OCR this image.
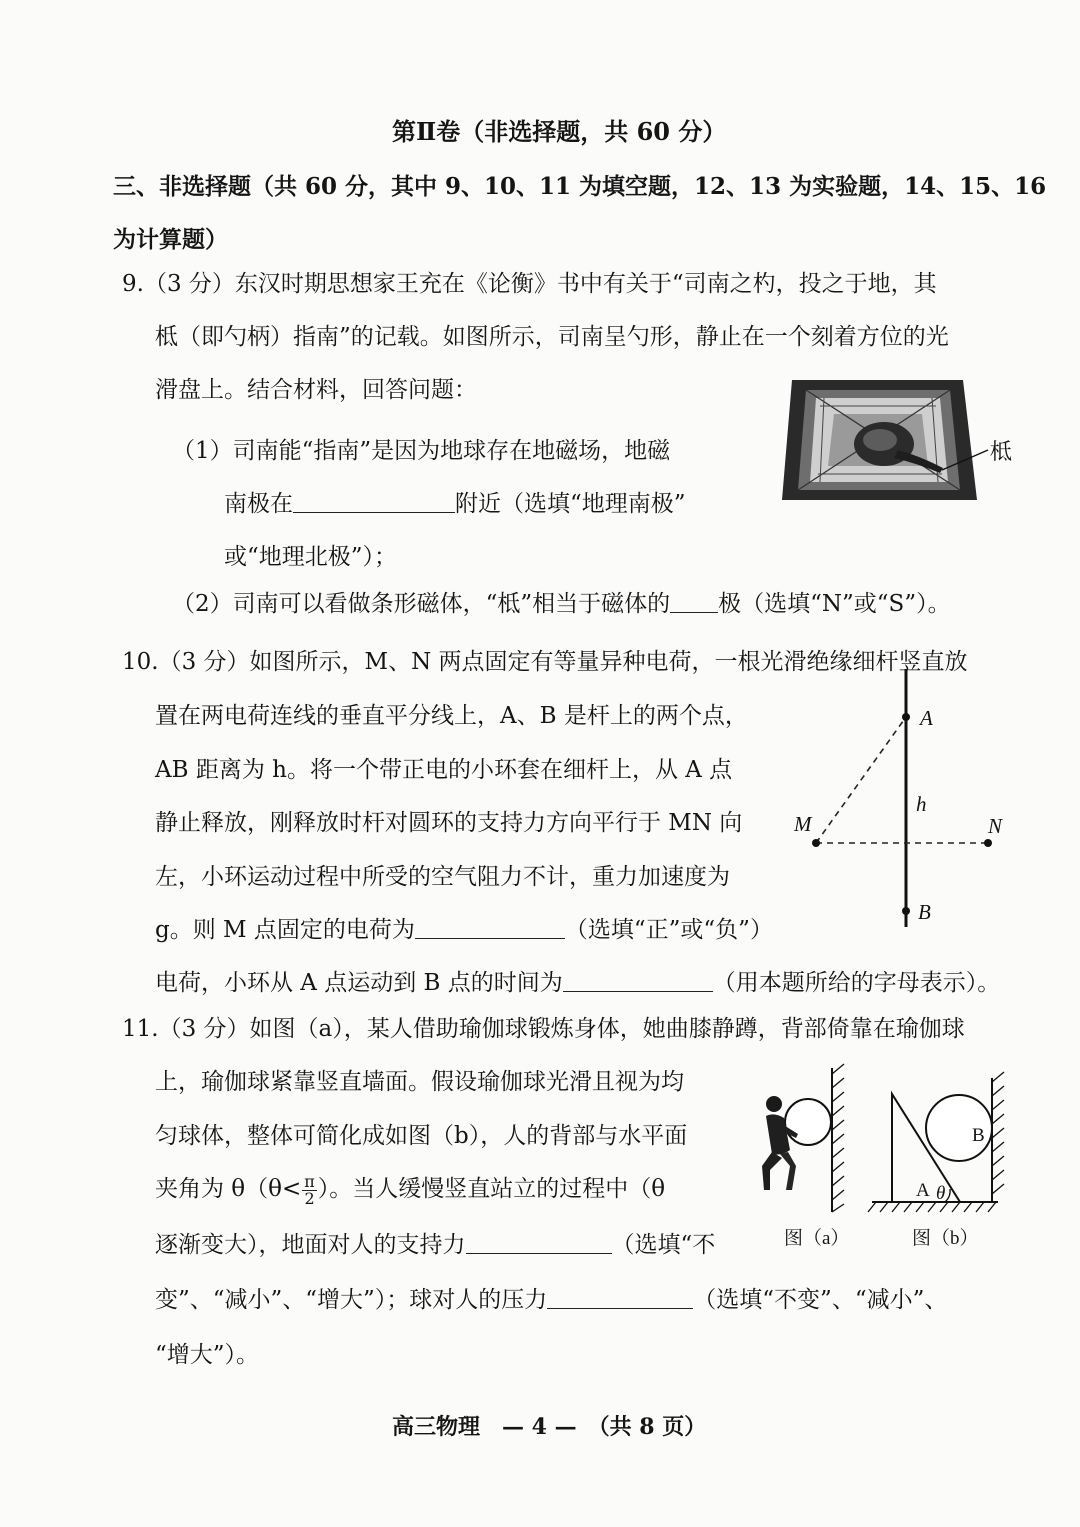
第Ⅱ卷（非选择题，共 60 分）
三、非选择题（共 60 分，其中 9、10、11 为填空题，12、13 为实验题，14、15、16
为计算题）
9.（3 分）东汉时期思想家王充在《论衡》书中有关于“司南之杓，投之于地，其
柢（即勺柄）指南”的记载。如图所示，司南呈勺形，静止在一个刻着方位的光
滑盘上。结合材料，回答问题：
（1）司南能“指南”是因为地球存在地磁场，地磁
南极在	附近（选填“地理南极”
或“地理北极”）；
（2）司南可以看做条形磁体，“柢”相当于磁体的 极（选填“N”或“S”）。
柢
10.（3 分）如图所示，M、N 两点固定有等量异种电荷，一根光滑绝缘细杆竖直放
置在两电荷连线的垂直平分线上，A、B 是杆上的两个点，
AB 距离为 h。将一个带正电的小环套在细杆上，从 A 点
静止释放，刚释放时杆对圆环的支持力方向平行于 MN 向
左，小环运动过程中所受的空气阻力不计，重力加速度为
g。则 M 点固定的电荷为	（选填“正”或“负”）
电荷，小环从 A 点运动到 B 点的时间为	（用本题所给的字母表示）。
A
h
M	N
B
11.（3 分）如图（a），某人借助瑜伽球锻炼身体，她曲膝静蹲，背部倚靠在瑜伽球
上，瑜伽球紧靠竖直墙面。假设瑜伽球光滑且视为均
匀球体，整体可简化成如图（b），人的背部与水平面
夹角为 $\theta(\theta< \frac{\pi}{2}$ ）。当人缓慢竖直站立的过程中（θ
逐渐变大），地面对人的支持力	（选填“不
变”、“减小”、“增大”）；球对人的压力	（选填“不变”、“减小”、
“增大”）。
图（a）
B
A θ
图（b）
高三物理　— 4 —　（共 8 页）
